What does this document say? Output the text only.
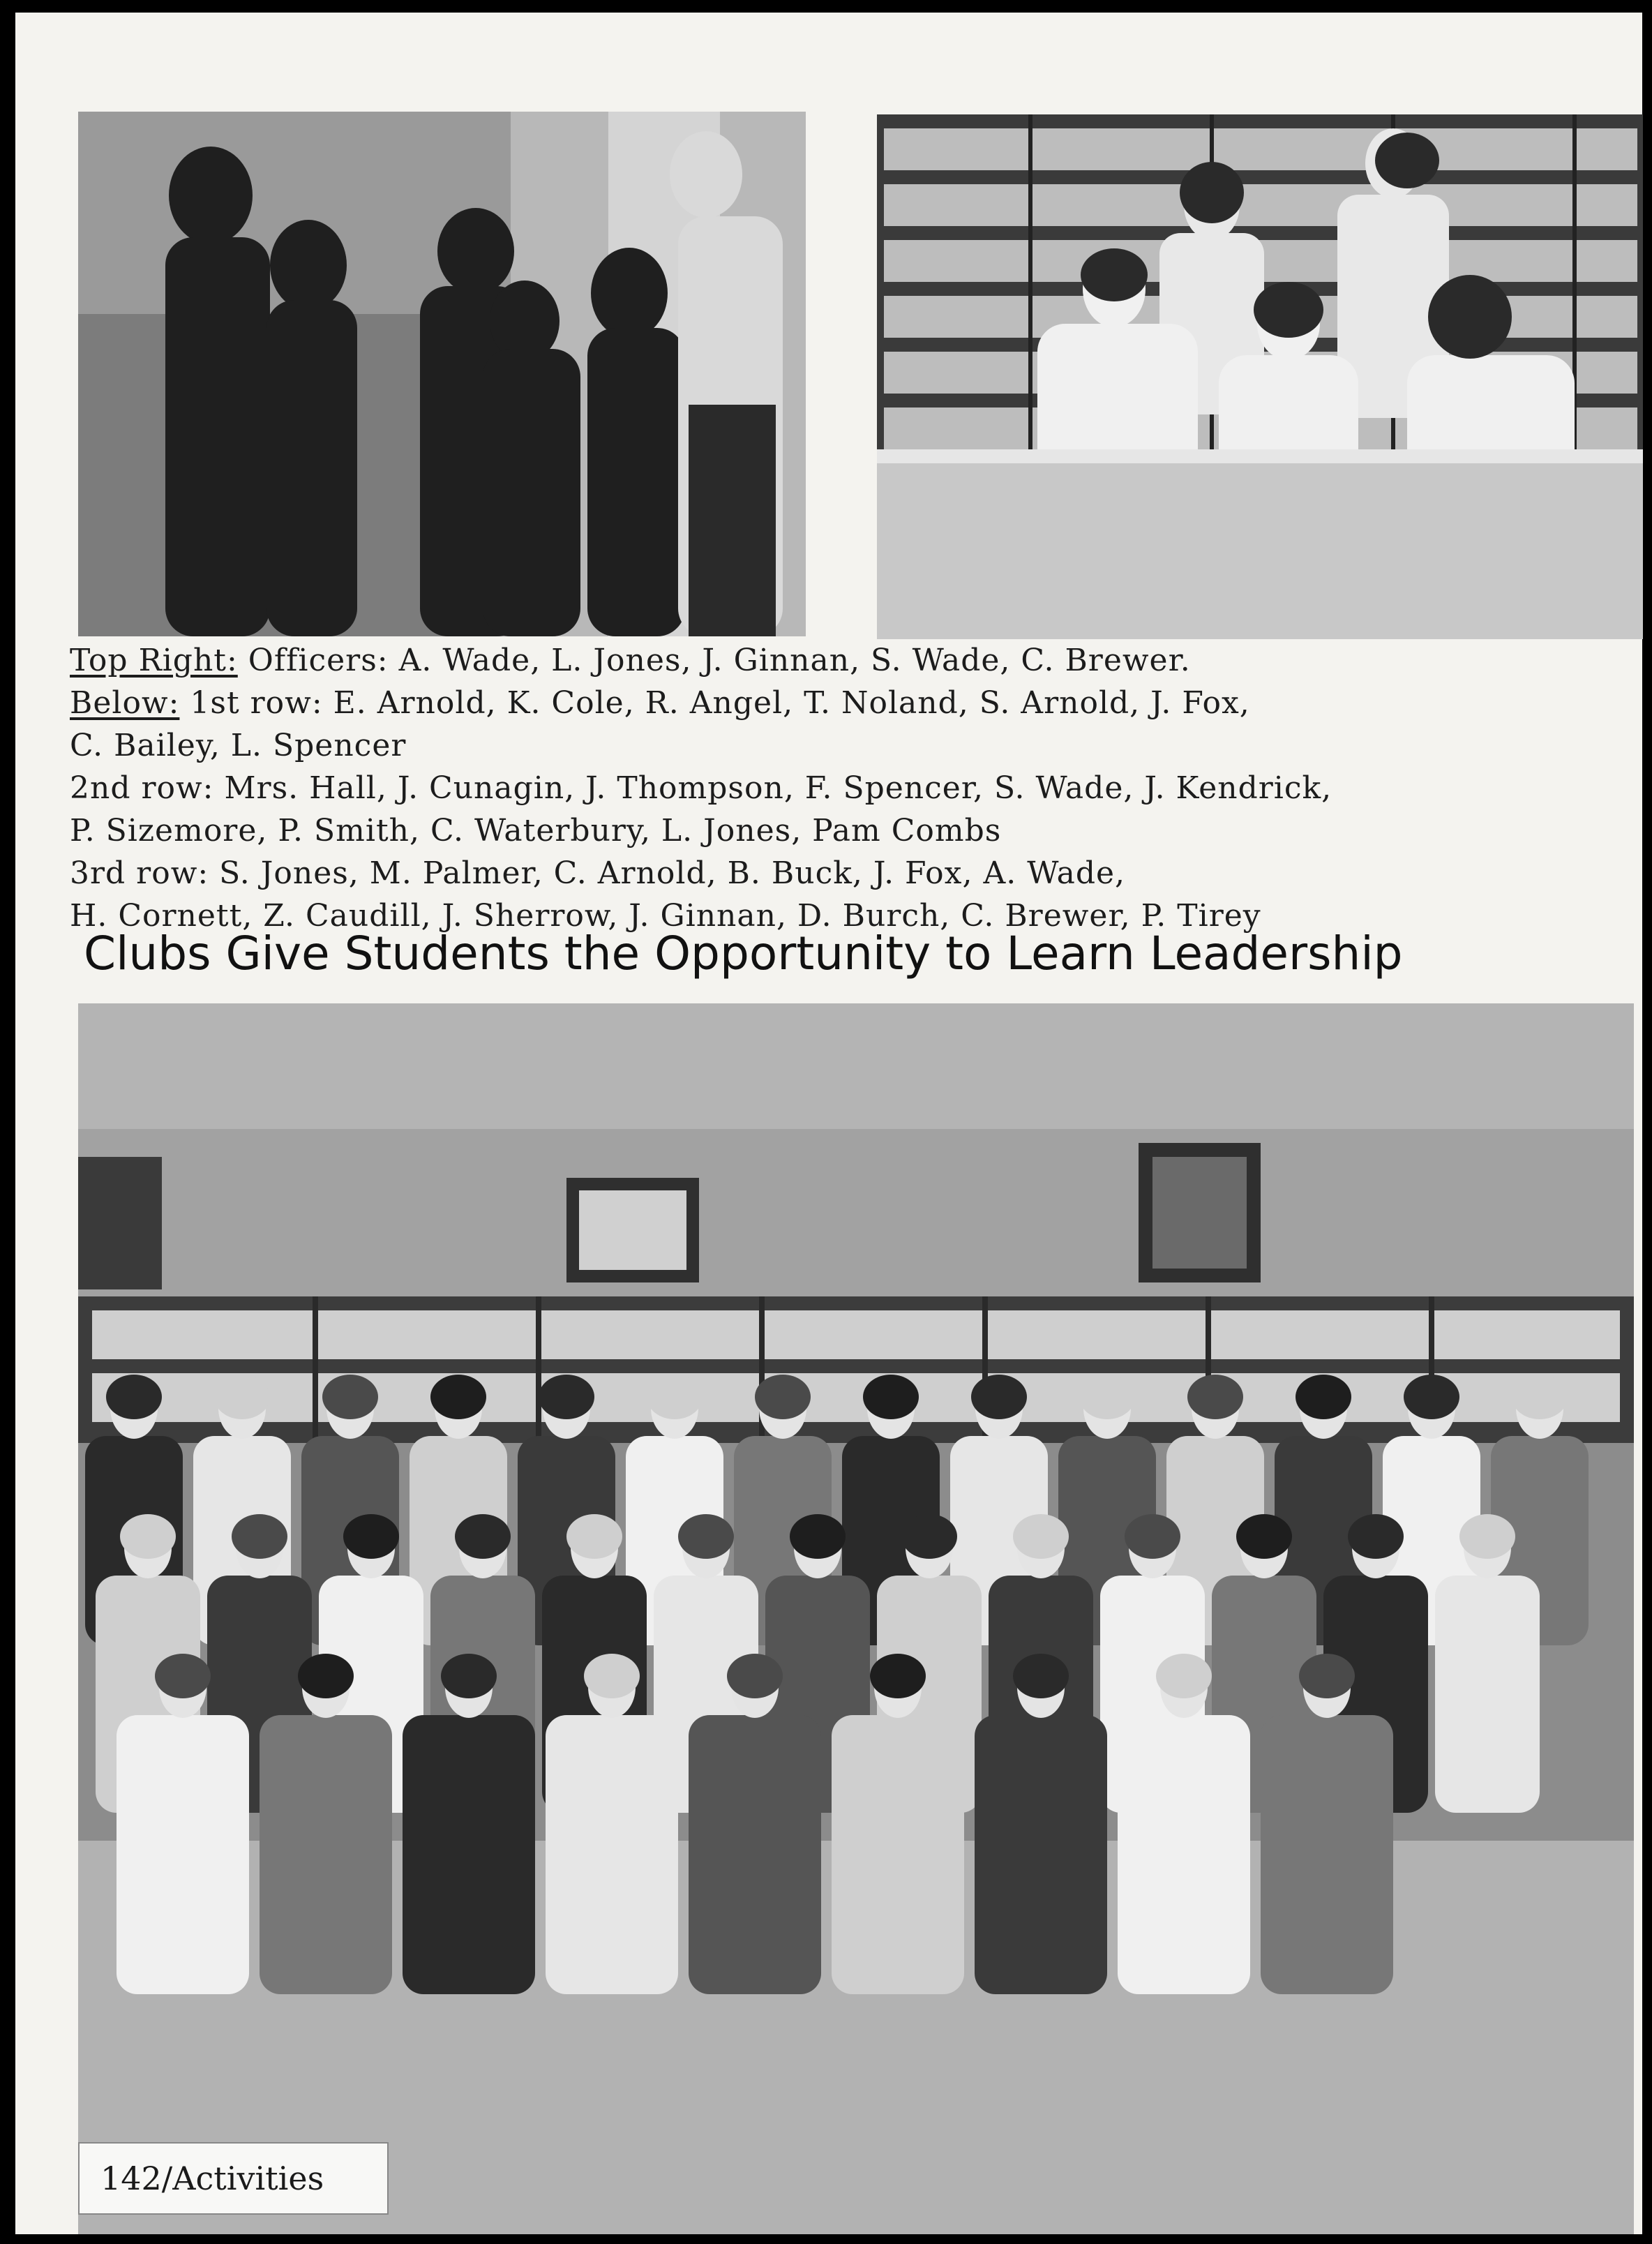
Top Right: Officers: A. Wade, L. Jones, J. Ginnan, S. Wade, C. Brewer.

Below: 1st row: E. Arnold, K. Cole, R. Angel, T. Noland, S. Arnold, J. Fox,

C. Bailey, L. Spencer

2nd row: Mrs. Hall, J. Cunagin, J. Thompson, F. Spencer, S. Wade, J. Kendrick,

P. Sizemore, P. Smith, C. Waterbury, L. Jones, Pam Combs

3rd row: S. Jones, M. Palmer, C. Arnold, B. Buck, J. Fox, A. Wade,

H. Cornett, Z. Caudill, J. Sherrow, J. Ginnan, D. Burch, C. Brewer, P. Tirey

Clubs Give Students the Opportunity to Learn Leadership
142/Activities
